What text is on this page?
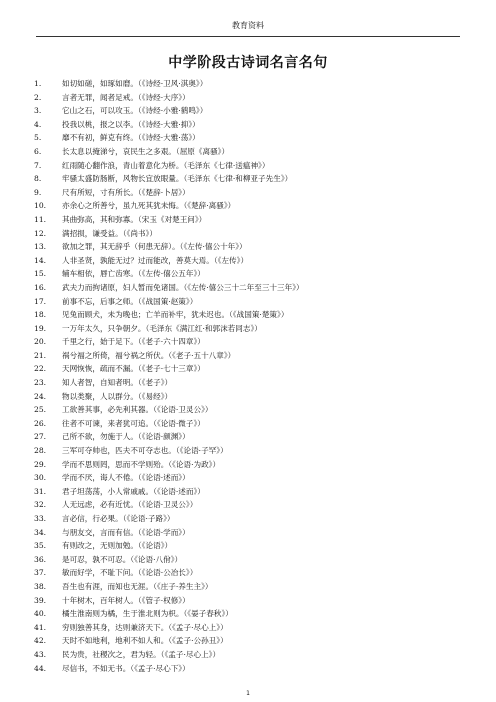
教育资料
中学阶段古诗词名言名句
1.	如切如磋，如琢如磨。（《诗经·卫风·淇奥》）
2.	言者无罪，闻者足戒。（《诗经·大序》）
3.	它山之石，可以攻玉。（《诗经·小雅·鹤鸣》）
4.	投我以桃，报之以李。（《诗经·大雅·抑》）
5.	靡不有初，鲜克有终。（《诗经·大雅·荡》）
6.	长太息以掩涕兮，哀民生之多艰。（屈原《离骚》）
7.	红雨随心翻作浪，青山着意化为桥。（毛泽东《七律·送瘟神》）
8.	牢骚太盛防肠断，风物长宜放眼量。（毛泽东《七律·和柳亚子先生》）
9.	尺有所短，寸有所长。（《楚辞·卜居》）
10.	亦余心之所善兮，虽九死其犹未悔。（《楚辞·离骚》）
11.	其曲弥高，其和弥寡。（宋玉《对楚王问》）
12.	满招损，谦受益。（《尚书》）
13.	欲加之罪，其无辞乎（何患无辞）。（《左传·僖公十年》）
14.	人非圣贤，孰能无过？过而能改，善莫大焉。（《左传》）
15.	辅车相依，唇亡齿寒。（《左传·僖公五年》）
16.	武夫力而拘诸原，妇人暂而免诸国。（《左传·僖公三十二年至三十三年》）
17.	前事不忘，后事之师。（《战国策·赵策》）
18.	见兔而顾犬，未为晚也；亡羊而补牢，犹未迟也。（《战国策·楚策》）
19.	一万年太久，只争朝夕。（毛泽东《满江红·和郭沫若同志》）
20.	千里之行，始于足下。（《老子·六十四章》）
21.	祸兮福之所倚，福兮祸之所伏。（《老子·五十八章》）
22.	天网恢恢，疏而不漏。（《老子·七十三章》）
23.	知人者智，自知者明。（《老子》）
24.	物以类聚，人以群分。（《易经》）
25.	工欲善其事，必先利其器。（《论语·卫灵公》）
26.	往者不可谏，来者犹可追。（《论语·微子》）
27.	己所不欲，勿施于人。（《论语·颜渊》）
28.	三军可夺帅也，匹夫不可夺志也。（《论语·子罕》）
29.	学而不思则罔，思而不学则殆。（《论语·为政》）
30.	学而不厌，诲人不倦。（《论语·述而》）
31.	君子坦荡荡，小人常戚戚。（《论语·述而》）
32.	人无远虑，必有近忧。（《论语·卫灵公》）
33.	言必信，行必果。（《论语·子路》）
34.	与朋友交，言而有信。（《论语·学而》）
35.	有则改之，无则加勉。（《论语》）
36.	是可忍，孰不可忍。（《论语·八佾》）
37.	敏而好学，不耻下问。（《论语·公冶长》）
38.	吾生也有涯，而知也无涯。（《庄子·养生主》）
39.	十年树木，百年树人。（《管子·权修》）
40.	橘生淮南则为橘，生于淮北则为枳。（《晏子春秋》）
41.	穷则独善其身，达则兼济天下。（《孟子·尽心上》）
42.	天时不如地利，地利不如人和。（《孟子·公孙丑》）
43.	民为贵，社稷次之，君为轻。（《孟子·尽心上》）
44.	尽信书，不如无书。（《孟子·尽心下》）
1
